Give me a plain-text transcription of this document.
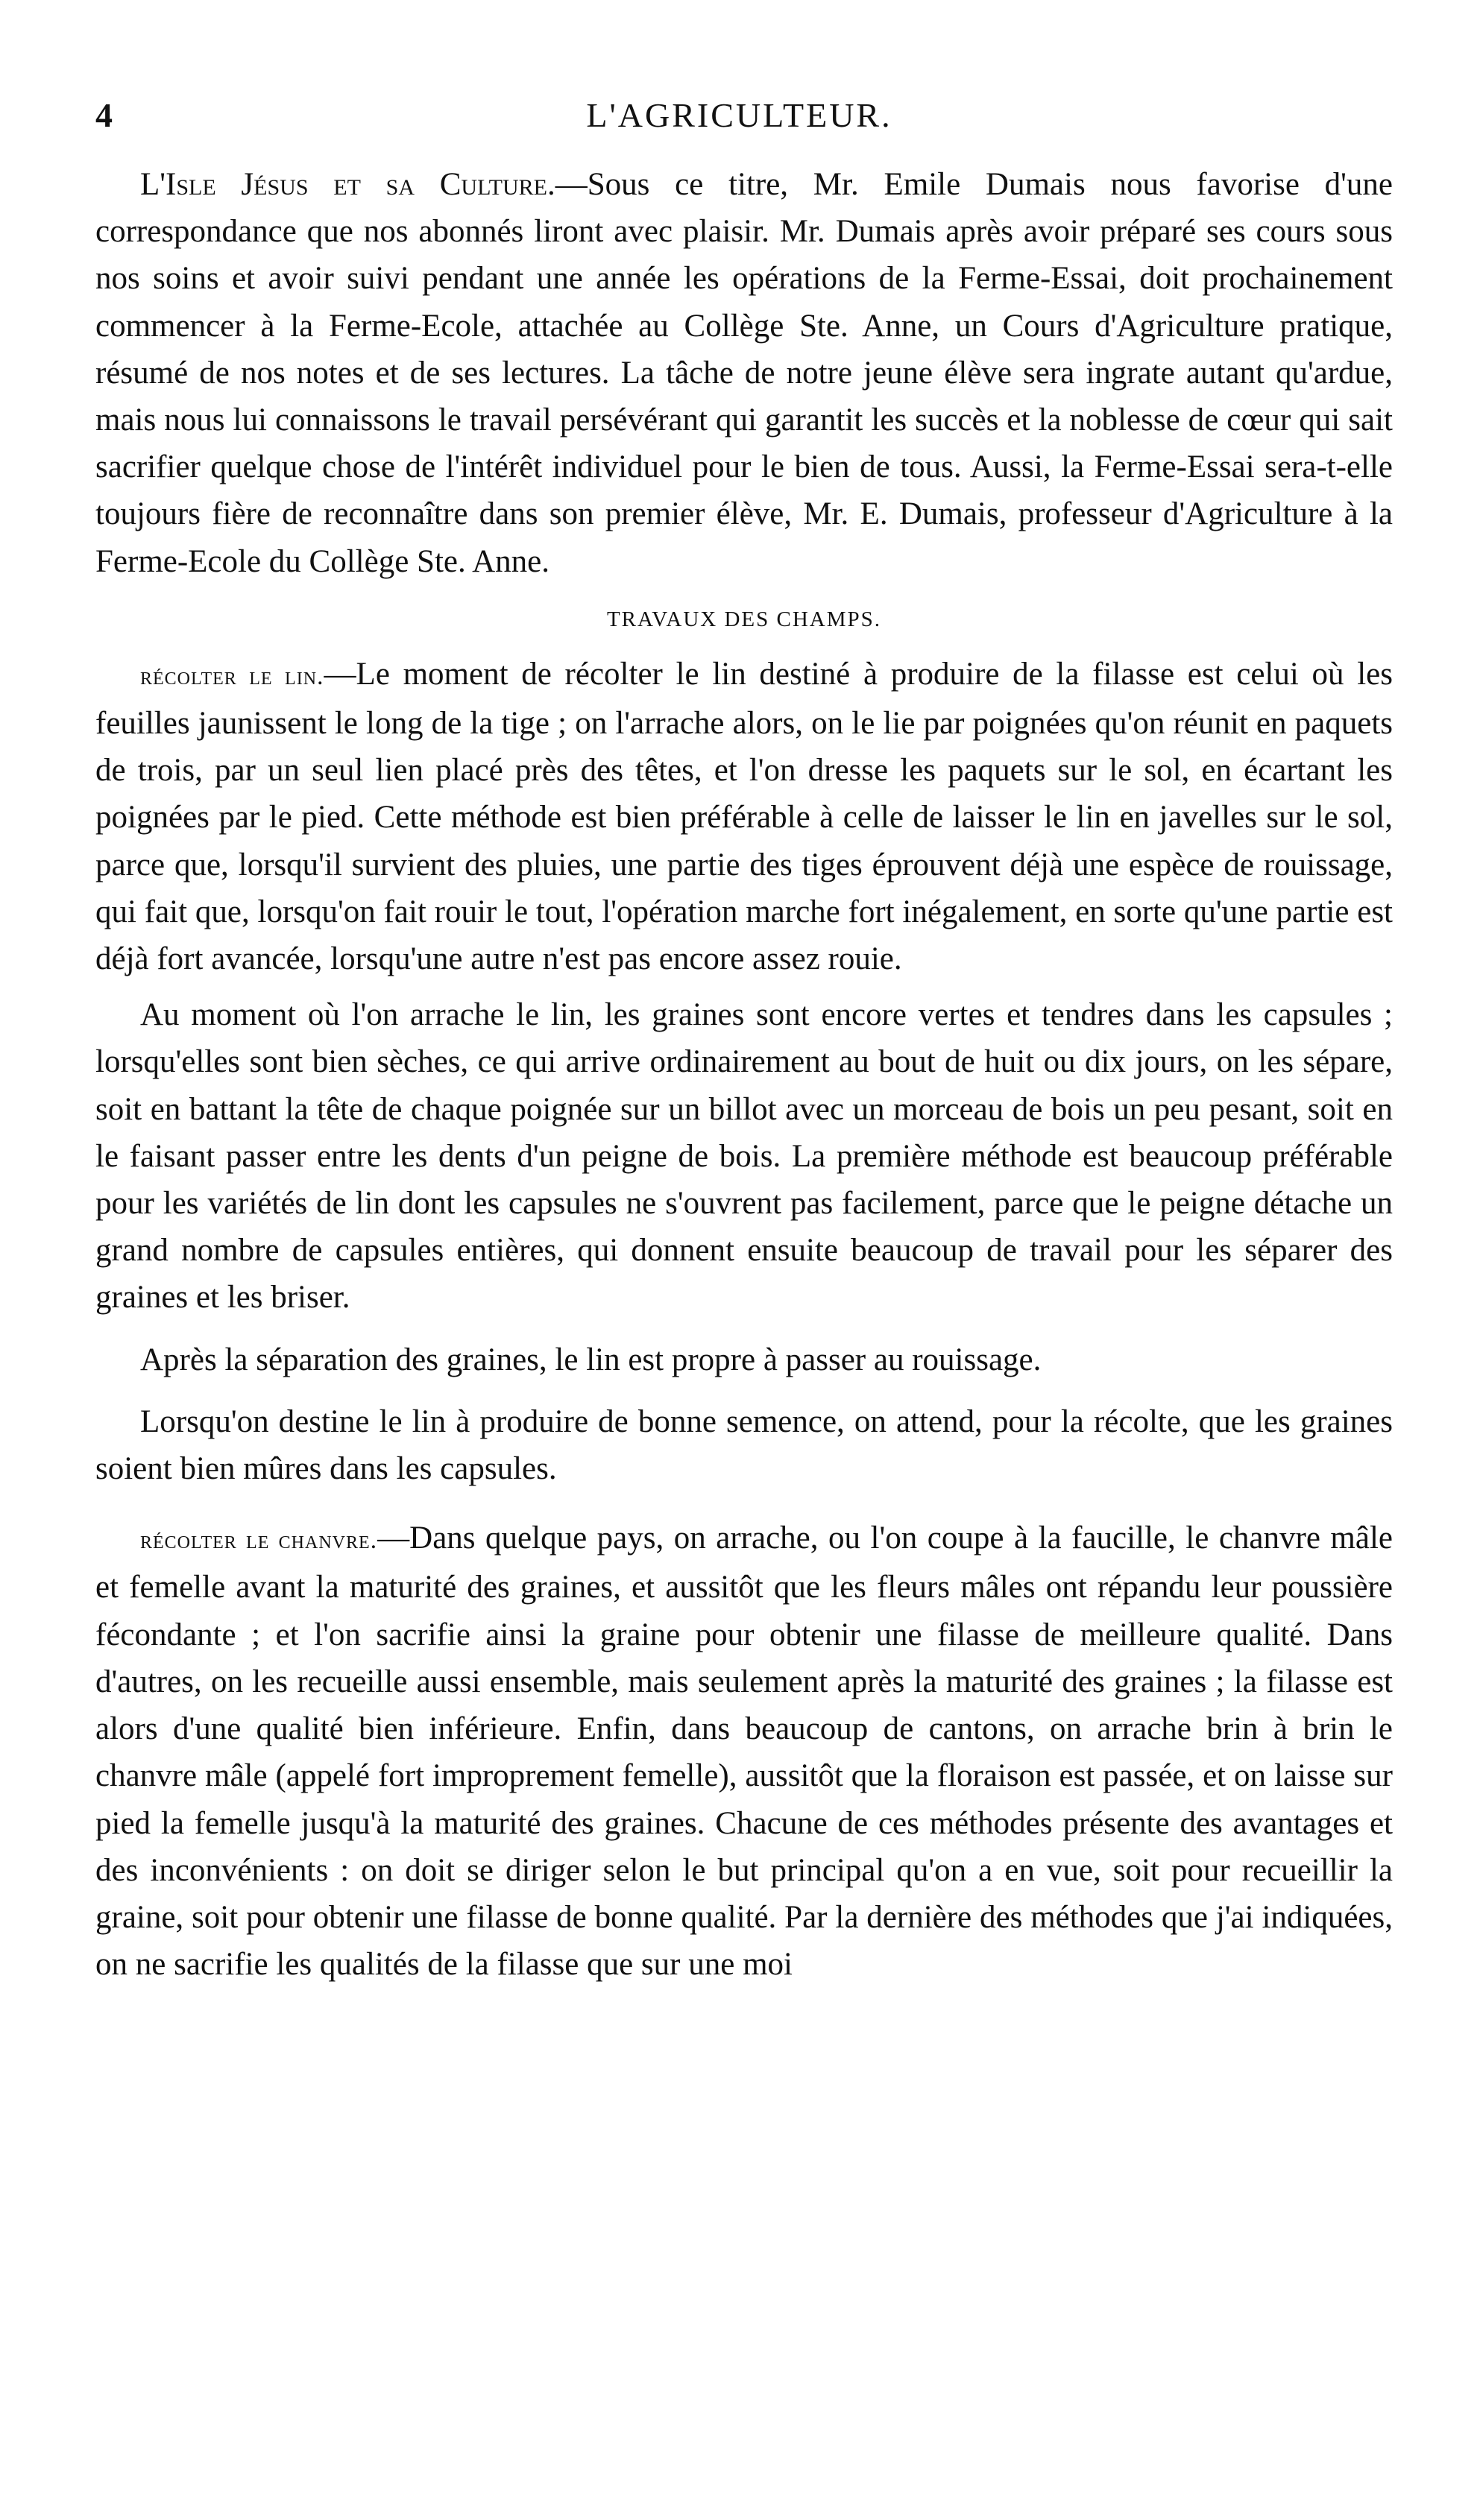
4	L'AGRICULTEUR.

L'Isle Jésus et sa Culture.—Sous ce titre, Mr. Emile Dumais nous favorise d'une correspondance que nos abonnés liront avec plaisir. Mr. Dumais après avoir préparé ses cours sous nos soins et avoir suivi pendant une année les opérations de la Ferme-Essai, doit prochainement commencer à la Ferme-Ecole, attachée au Collège Ste. Anne, un Cours d'Agriculture pratique, résumé de nos notes et de ses lectures. La tâche de notre jeune élève sera ingrate autant qu'ardue, mais nous lui connaissons le travail persévérant qui garantit les succès et la noblesse de cœur qui sait sacrifier quelque chose de l'intérêt individuel pour le bien de tous. Aussi, la Ferme-Essai sera-t-elle toujours fière de reconnaître dans son premier élève, Mr. E. Dumais, professeur d'Agriculture à la Ferme-Ecole du Collège Ste. Anne.

TRAVAUX DES CHAMPS.

récolter le lin.—Le moment de récolter le lin destiné à produire de la filasse est celui où les feuilles jaunissent le long de la tige ; on l'arrache alors, on le lie par poignées qu'on réunit en paquets de trois, par un seul lien placé près des têtes, et l'on dresse les paquets sur le sol, en écartant les poignées par le pied. Cette méthode est bien préférable à celle de laisser le lin en javelles sur le sol, parce que, lorsqu'il survient des pluies, une partie des tiges éprouvent déjà une espèce de rouissage, qui fait que, lorsqu'on fait rouir le tout, l'opération marche fort inégalement, en sorte qu'une partie est déjà fort avancée, lorsqu'une autre n'est pas encore assez rouie.

Au moment où l'on arrache le lin, les graines sont encore vertes et tendres dans les capsules ; lorsqu'elles sont bien sèches, ce qui arrive ordinairement au bout de huit ou dix jours, on les sépare, soit en battant la tête de chaque poignée sur un billot avec un morceau de bois un peu pesant, soit en le faisant passer entre les dents d'un peigne de bois. La première méthode est beaucoup préférable pour les variétés de lin dont les capsules ne s'ouvrent pas facilement, parce que le peigne détache un grand nombre de capsules entières, qui donnent ensuite beaucoup de travail pour les séparer des graines et les briser.

Après la séparation des graines, le lin est propre à passer au rouissage.

Lorsqu'on destine le lin à produire de bonne semence, on attend, pour la récolte, que les graines soient bien mûres dans les capsules.

récolter le chanvre.—Dans quelque pays, on arrache, ou l'on coupe à la faucille, le chanvre mâle et femelle avant la maturité des graines, et aussitôt que les fleurs mâles ont répandu leur poussière fécondante ; et l'on sacrifie ainsi la graine pour obtenir une filasse de meilleure qualité. Dans d'autres, on les recueille aussi ensemble, mais seulement après la maturité des graines ; la filasse est alors d'une qualité bien inférieure. Enfin, dans beaucoup de cantons, on arrache brin à brin le chanvre mâle (appelé fort improprement femelle), aussitôt que la floraison est passée, et on laisse sur pied la femelle jusqu'à la maturité des graines. Chacune de ces méthodes présente des avantages et des inconvénients : on doit se diriger selon le but principal qu'on a en vue, soit pour recueillir la graine, soit pour obtenir une filasse de bonne qualité. Par la dernière des méthodes que j'ai indiquées, on ne sacrifie les qualités de la filasse que sur une moi
